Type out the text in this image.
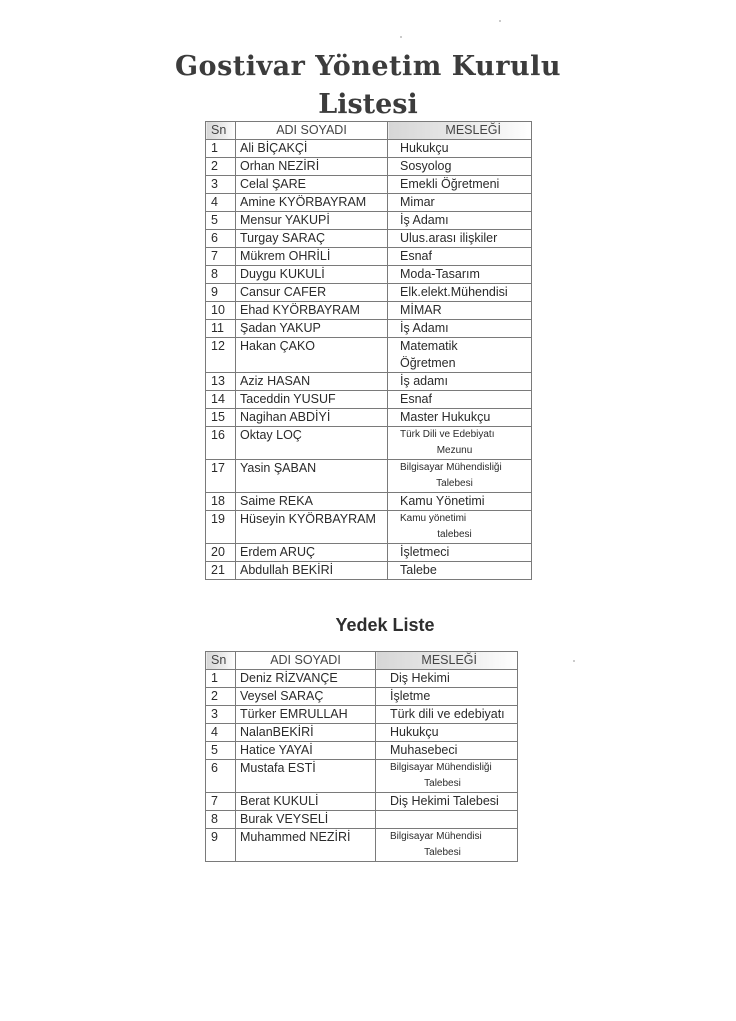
Gostivar Yönetim Kurulu
Listesi
Sn	ADI SOYADI	MESLEĞİ
1	Ali BİÇAKÇİ	Hukukçu
2	Orhan NEZİRİ	Sosyolog
3	Celal ŞARE	Emekli Öğretmeni
4	Amine KYÖRBAYRAM	Mimar
5	Mensur YAKUPİ	İş Adamı
6	Turgay SARAÇ	Ulus.arası ilişkiler
7	Mükrem OHRİLİ	Esnaf
8	Duygu KUKULİ	Moda-Tasarım
9	Cansur CAFER	Elk.elekt.Mühendisi
10	Ehad KYÖRBAYRAM	MİMAR
11	Şadan YAKUP	İş Adamı
12	Hakan ÇAKO	Matematik Öğretmen
13	Aziz HASAN	İş adamı
14	Taceddin YUSUF	Esnaf
15	Nagihan ABDİYİ	Master Hukukçu
16	Oktay LOÇ	Türk Dili ve Edebiyatı
Mezunu

17	Yasin ŞABAN	Bilgisayar Mühendisliği
Talebesi

18	Saime REKA	Kamu Yönetimi
19	Hüseyin KYÖRBAYRAM	Kamu yönetimi
talebesi

20	Erdem ARUÇ	İşletmeci
21	Abdullah BEKİRİ	Talebe
Yedek Liste
Sn	ADI SOYADI	MESLEĞİ
1	Deniz RİZVANÇE	Diş Hekimi
2	Veysel SARAÇ	İşletme
3	Türker EMRULLAH	Türk dili ve edebiyatı
4	NalanBEKİRİ	Hukukçu
5	Hatice YAYAİ	Muhasebeci
6	Mustafa ESTİ	Bilgisayar Mühendisliği
Talebesi

7	Berat KUKULİ	Diş Hekimi Talebesi
8	Burak VEYSELİ	
9	Muhammed NEZİRİ	Bilgisayar Mühendisi
Talebesi
